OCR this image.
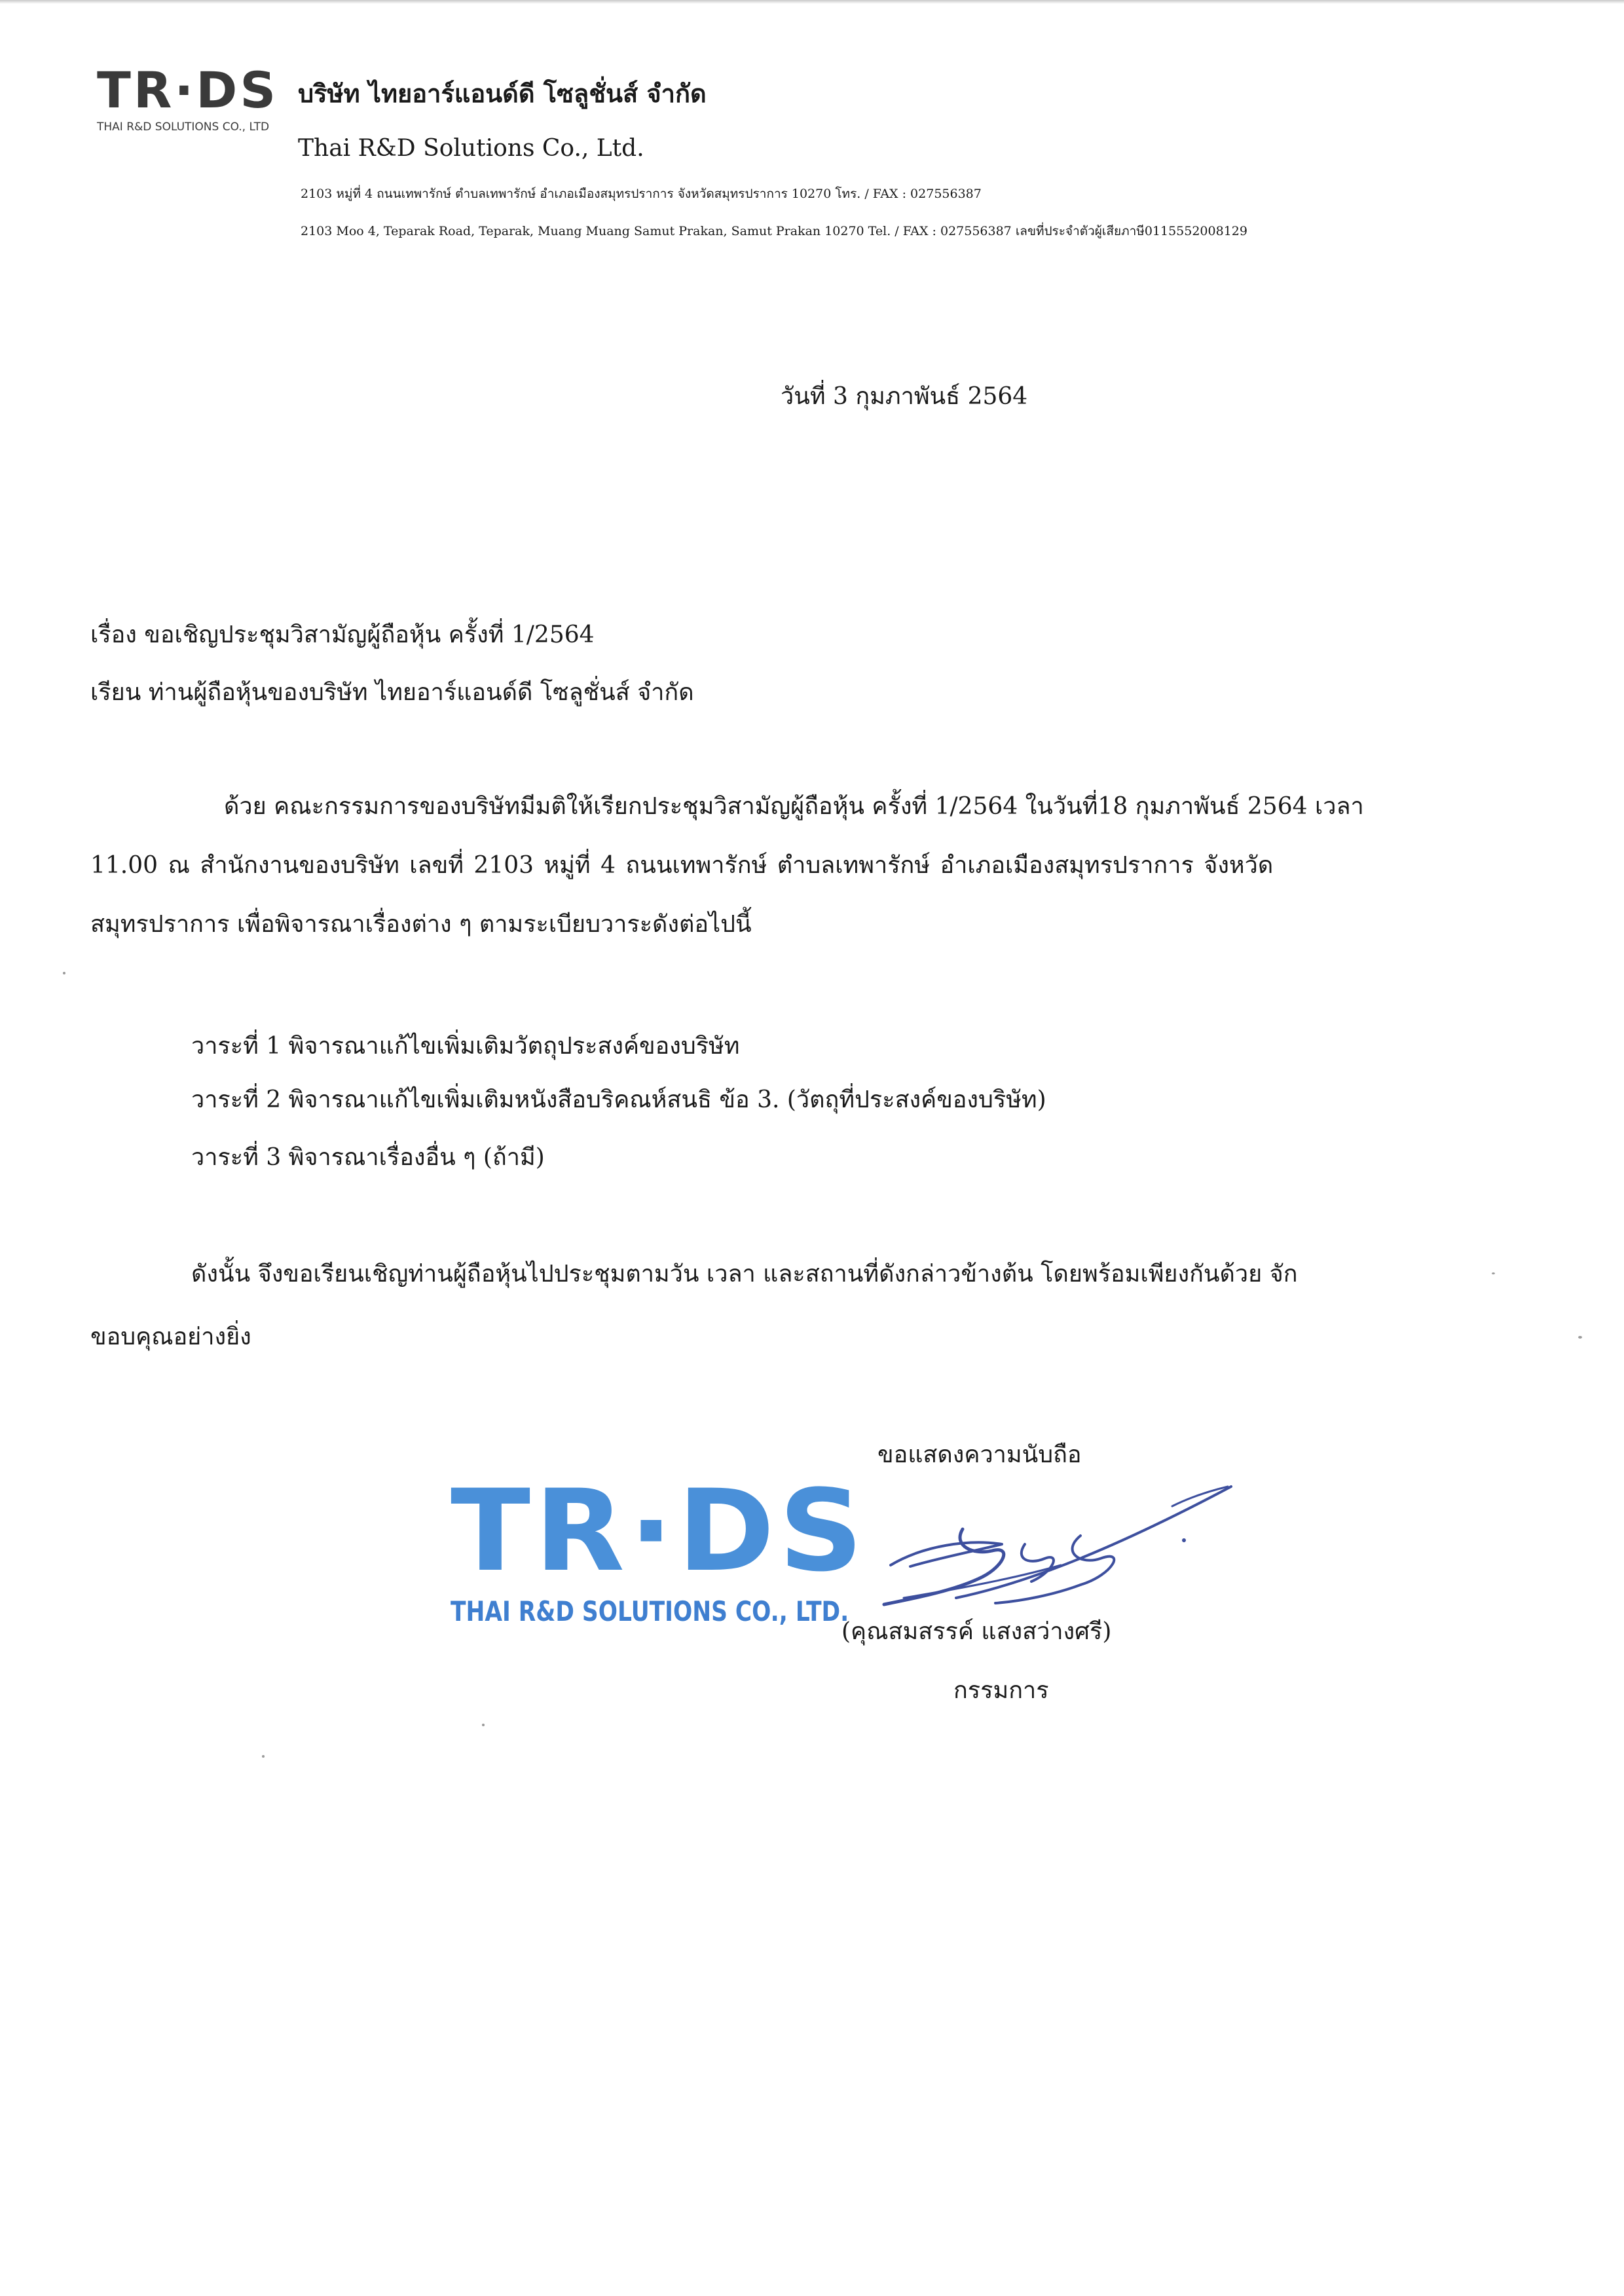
TR·DS
THAI R&D SOLUTIONS CO., LTD
บริษัท ไทยอาร์แอนด์ดี โซลูชั่นส์ จำกัด
Thai R&D Solutions Co., Ltd.
2103 หมู่ที่ 4 ถนนเทพารักษ์ ตำบลเทพารักษ์ อำเภอเมืองสมุทรปราการ จังหวัดสมุทรปราการ 10270 โทร. / FAX : 027556387
2103 Moo 4, Teparak Road, Teparak, Muang Muang Samut Prakan, Samut Prakan 10270 Tel. / FAX : 027556387 เลขที่ประจำตัวผู้เสียภาษี0115552008129
วันที่ 3 กุมภาพันธ์ 2564
เรื่อง ขอเชิญประชุมวิสามัญผู้ถือหุ้น ครั้งที่ 1/2564
เรียน ท่านผู้ถือหุ้นของบริษัท ไทยอาร์แอนด์ดี โซลูชั่นส์ จำกัด
ด้วย คณะกรรมการของบริษัทมีมติให้เรียกประชุมวิสามัญผู้ถือหุ้น ครั้งที่ 1/2564 ในวันที่18 กุมภาพันธ์ 2564 เวลา
11.00 ณ สำนักงานของบริษัท เลขที่ 2103 หมู่ที่ 4 ถนนเทพารักษ์ ตำบลเทพารักษ์ อำเภอเมืองสมุทรปราการ จังหวัด
สมุทรปราการ เพื่อพิจารณาเรื่องต่าง ๆ ตามระเบียบวาระดังต่อไปนี้
วาระที่ 1 พิจารณาแก้ไขเพิ่มเติมวัตถุประสงค์ของบริษัท
วาระที่ 2 พิจารณาแก้ไขเพิ่มเติมหนังสือบริคณห์สนธิ ข้อ 3. (วัตถุที่ประสงค์ของบริษัท)
วาระที่ 3 พิจารณาเรื่องอื่น ๆ (ถ้ามี)
ดังนั้น จึงขอเรียนเชิญท่านผู้ถือหุ้นไปประชุมตามวัน เวลา และสถานที่ดังกล่าวข้างต้น โดยพร้อมเพียงกันด้วย จัก
ขอบคุณอย่างยิ่ง
ขอแสดงความนับถือ
TR·DS
THAI R&D SOLUTIONS CO., LTD.
(คุณสมสรรค์ แสงสว่างศรี)
กรรมการ
